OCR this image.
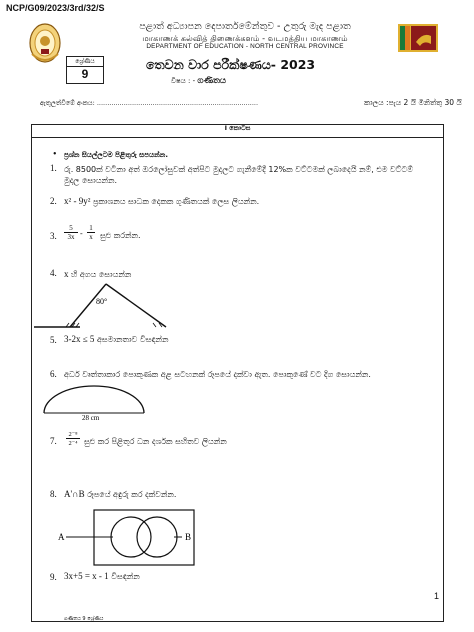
NCP/G09/2023/3rd/32/S
පළාත් අධ්‍යාපන දෙපාර්තමේන්තුව - උතුරු මැද පළාත
மாகாணக் கல்வித் திணைக்களம் - வடமத்திய மாகாணம்
DEPARTMENT OF EDUCATION - NORTH CENTRAL PROVINCE
ශ්‍රේණිය
9
තෙවන වාර පරීක්ෂණය- 2023
විෂය : - ගණිතය
ඇතුලත්වීමේ අංකය: ..............................................................................	කාලය :පැය 2 යි මිනිත්තු 30 යි
I කොටස
• ප්‍රශ්න සියල්ලටම පිළිතුරු සපයන්න.
1. රු. 8500ක් වටිනා අත් ඔරලෝසුවක් අත්පිට මුදලට ගැනීමේදී 12%ක වට්ටමක් ලබාදෙයි නම්, එම වට්ටම්
මුදල සොයන්න.
2. x² - 9y² ප්‍රකාශනය සාධක දෙකක ගුණිතයක් ලෙස ලියන්න.
3. $\frac{5}{3x} - \frac{1}{x}$ සුළු කරන්න.
4. x හි අගය සොයන්න
80°
5. 3-2x ≤ 5 අසමානතාව විසඳන්න
6. අර්ධ වෘත්තාකාර පොකුණක අළ සටහනක් රූපයේ දක්වා ඇත. පොකුණේ වට දිග සොයන්න.
28 cm
7. $\frac{\text{2⁻⁸}}{\text{2⁻⁴}}$ සුළු කර පිළිතුර ධන දර්ශක සහිතව ලියන්න
8. A'∩B රූපයේ අඳුරු කර දක්වන්න.
A	B
9. 3x+5 = x - 1 විසඳන්න
1
ගණිතය 9 ශ්‍රේණිය
